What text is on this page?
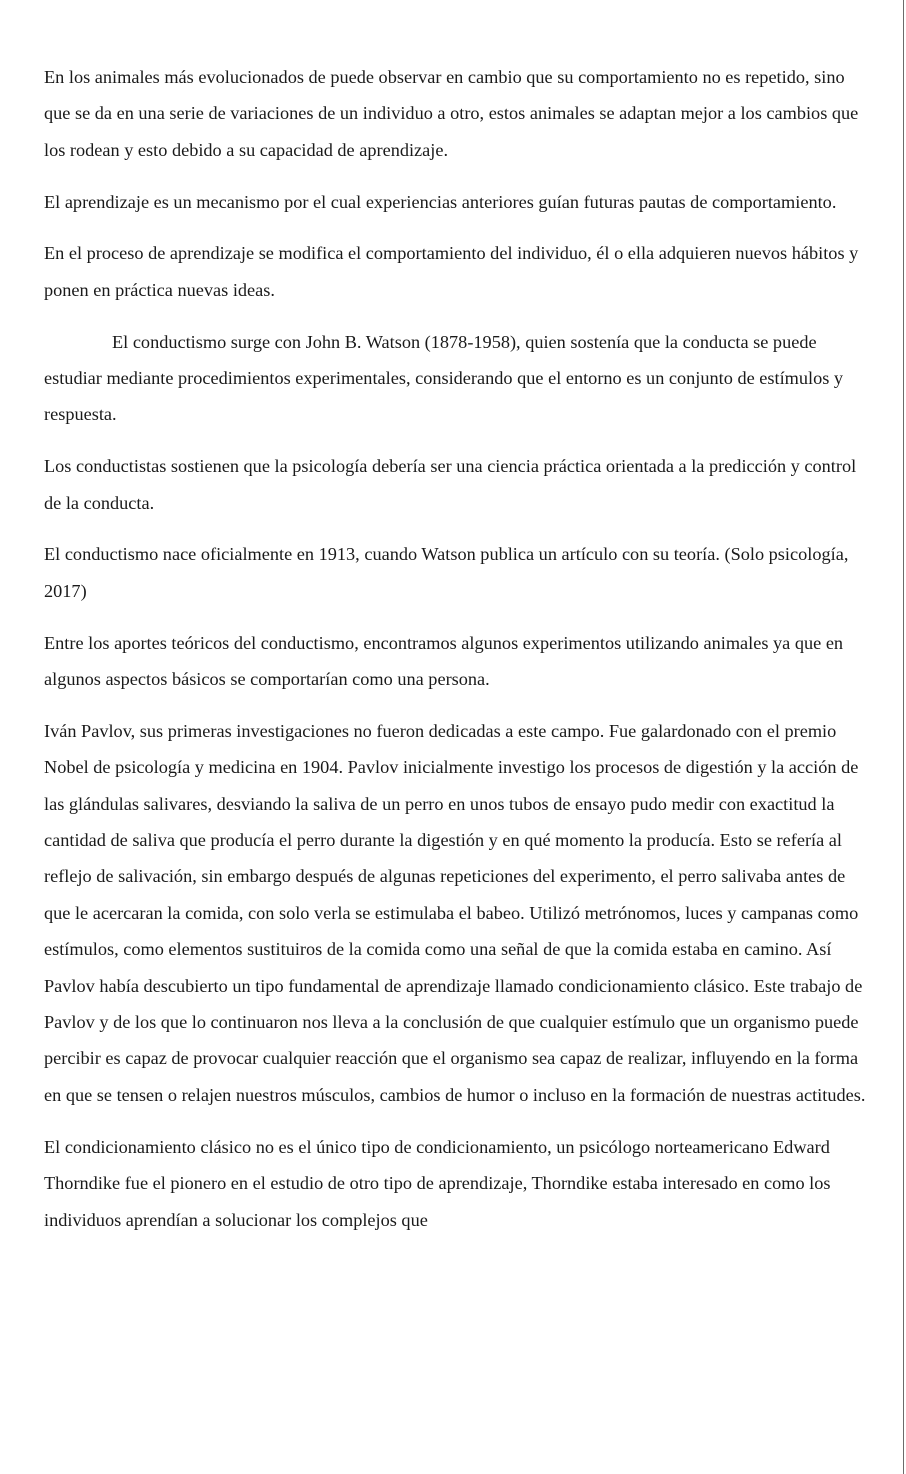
En los animales más evolucionados de puede observar en cambio que su comportamiento no es repetido, sino que se da en una serie de variaciones de un individuo a otro, estos animales se adaptan mejor a los cambios que los rodean y esto debido a su capacidad de aprendizaje.

El aprendizaje es un mecanismo por el cual experiencias anteriores guían futuras pautas de comportamiento.

En el proceso de aprendizaje se modifica el comportamiento del individuo, él o ella adquieren nuevos hábitos y ponen en práctica nuevas ideas.

El conductismo surge con John B. Watson (1878-1958), quien sostenía que la conducta se puede estudiar mediante procedimientos experimentales, considerando que el entorno es un conjunto de estímulos y respuesta.

Los conductistas sostienen que la psicología debería ser una ciencia práctica orientada a la predicción y control de la conducta.

El conductismo nace oficialmente en 1913, cuando Watson publica un artículo con su teoría. (Solo psicología, 2017)

Entre los aportes teóricos del conductismo, encontramos algunos experimentos utilizando animales ya que en algunos aspectos básicos se comportarían como una persona.

Iván Pavlov, sus primeras investigaciones no fueron dedicadas a este campo. Fue galardonado con el premio Nobel de psicología y medicina en 1904. Pavlov inicialmente investigo los procesos de digestión y la acción de las glándulas salivares, desviando la saliva de un perro en unos tubos de ensayo pudo medir con exactitud la cantidad de saliva que producía el perro durante la digestión y en qué momento la producía. Esto se refería al reflejo de salivación, sin embargo después de algunas repeticiones del experimento, el perro salivaba antes de que le acercaran la comida, con solo verla se estimulaba el babeo. Utilizó metrónomos, luces y campanas como estímulos, como elementos sustituiros de la comida como una señal de que la comida estaba en camino. Así Pavlov había descubierto un tipo fundamental de aprendizaje llamado condicionamiento clásico. Este trabajo de Pavlov y de los que lo continuaron nos lleva a la conclusión de que cualquier estímulo que un organismo puede percibir es capaz de provocar cualquier reacción que el organismo sea capaz de realizar, influyendo en la forma en que se tensen o relajen nuestros músculos, cambios de humor o incluso en la formación de nuestras actitudes.

El condicionamiento clásico no es el único tipo de condicionamiento, un psicólogo norteamericano Edward Thorndike fue el pionero en el estudio de otro tipo de aprendizaje, Thorndike estaba interesado en como los individuos aprendían a solucionar los complejos que
